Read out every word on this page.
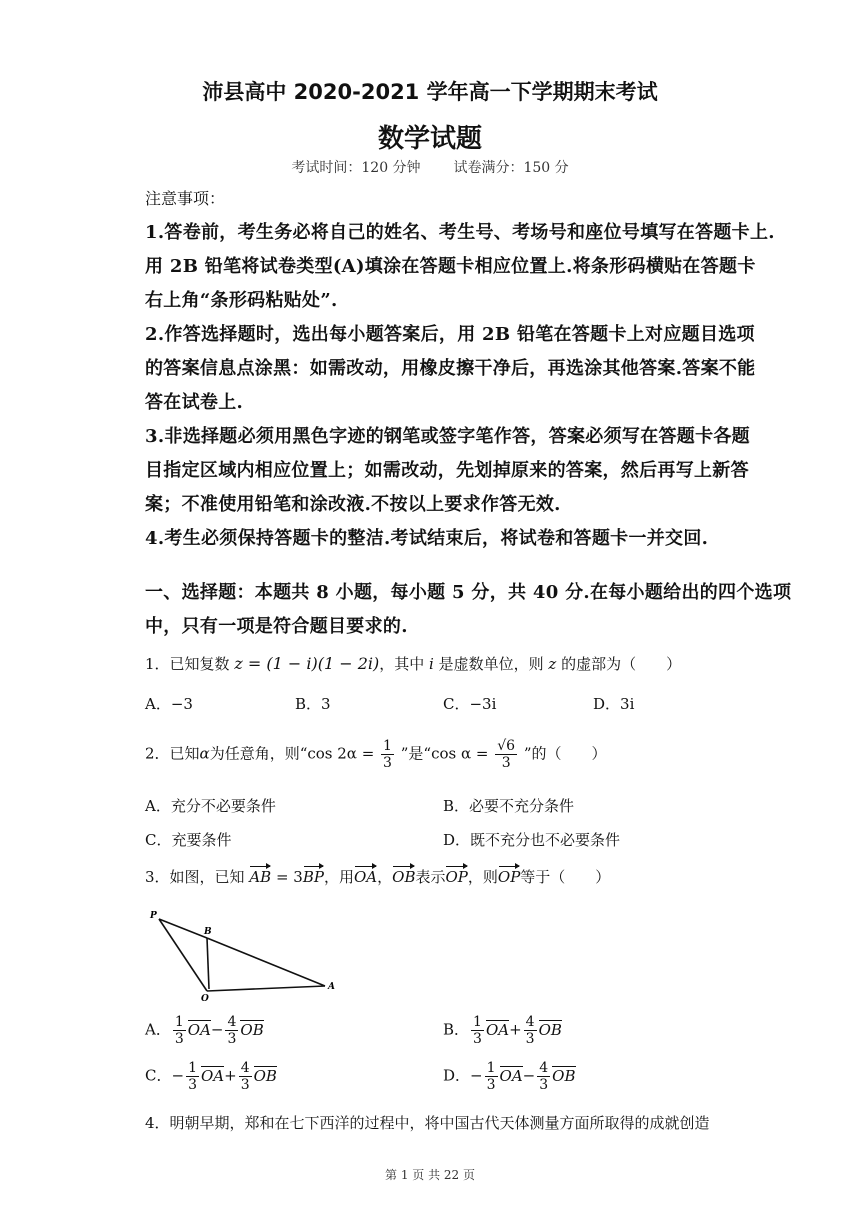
沛县高中 2020-2021 学年高一下学期期末考试
数学试题
考试时间：120 分钟 试卷满分：150 分
注意事项：
1.答卷前，考生务必将自己的姓名、考生号、考场号和座位号填写在答题卡上.
用 2B 铅笔将试卷类型(A)填涂在答题卡相应位置上.将条形码横贴在答题卡
右上角“条形码粘贴处”.
2.作答选择题时，选出每小题答案后，用 2B 铅笔在答题卡上对应题目选项
的答案信息点涂黑：如需改动，用橡皮擦干净后，再选涂其他答案.答案不能
答在试卷上.
3.非选择题必须用黑色字迹的钢笔或签字笔作答，答案必须写在答题卡各题
目指定区域内相应位置上；如需改动，先划掉原来的答案，然后再写上新答
案；不准使用铅笔和涂改液.不按以上要求作答无效.
4.考生必须保持答题卡的整洁.考试结束后，将试卷和答题卡一并交回.
一、选择题：本题共 8 小题，每小题 5 分，共 40 分.在每小题给出的四个选项
中，只有一项是符合题目要求的.
1．已知复数 z = (1 − i)(1 − 2i)，其中 i 是虚数单位，则 z 的虚部为（　　）
A．−3	B．3	C．−3i	D．3i
2．已知α为任意角，则“cos $2\alpha = \frac{1}{3}$ ”是“cos $\alpha = \frac{√6}{3}$ ”的（　　）
A．充分不必要条件	B．必要不充分条件
C．充要条件	D．既不充分也不必要条件
3．如图，已知 AB = 3BP，用OA，OB表示OP，则OP等于（　　）
P
B
O
A
A． $\frac{1}{3} OA- \frac{4}{3}$ OB	B． $\frac{1}{3} OA+ \frac{4}{3}$ OB
C．− $\frac{1}{3} OA+ \frac{4}{3}$ OB	D．− $\frac{1}{3} OA- \frac{4}{3}$ OB
4．明朝早期，郑和在七下西洋的过程中，将中国古代天体测量方面所取得的成就创造
第 1 页 共 22 页
